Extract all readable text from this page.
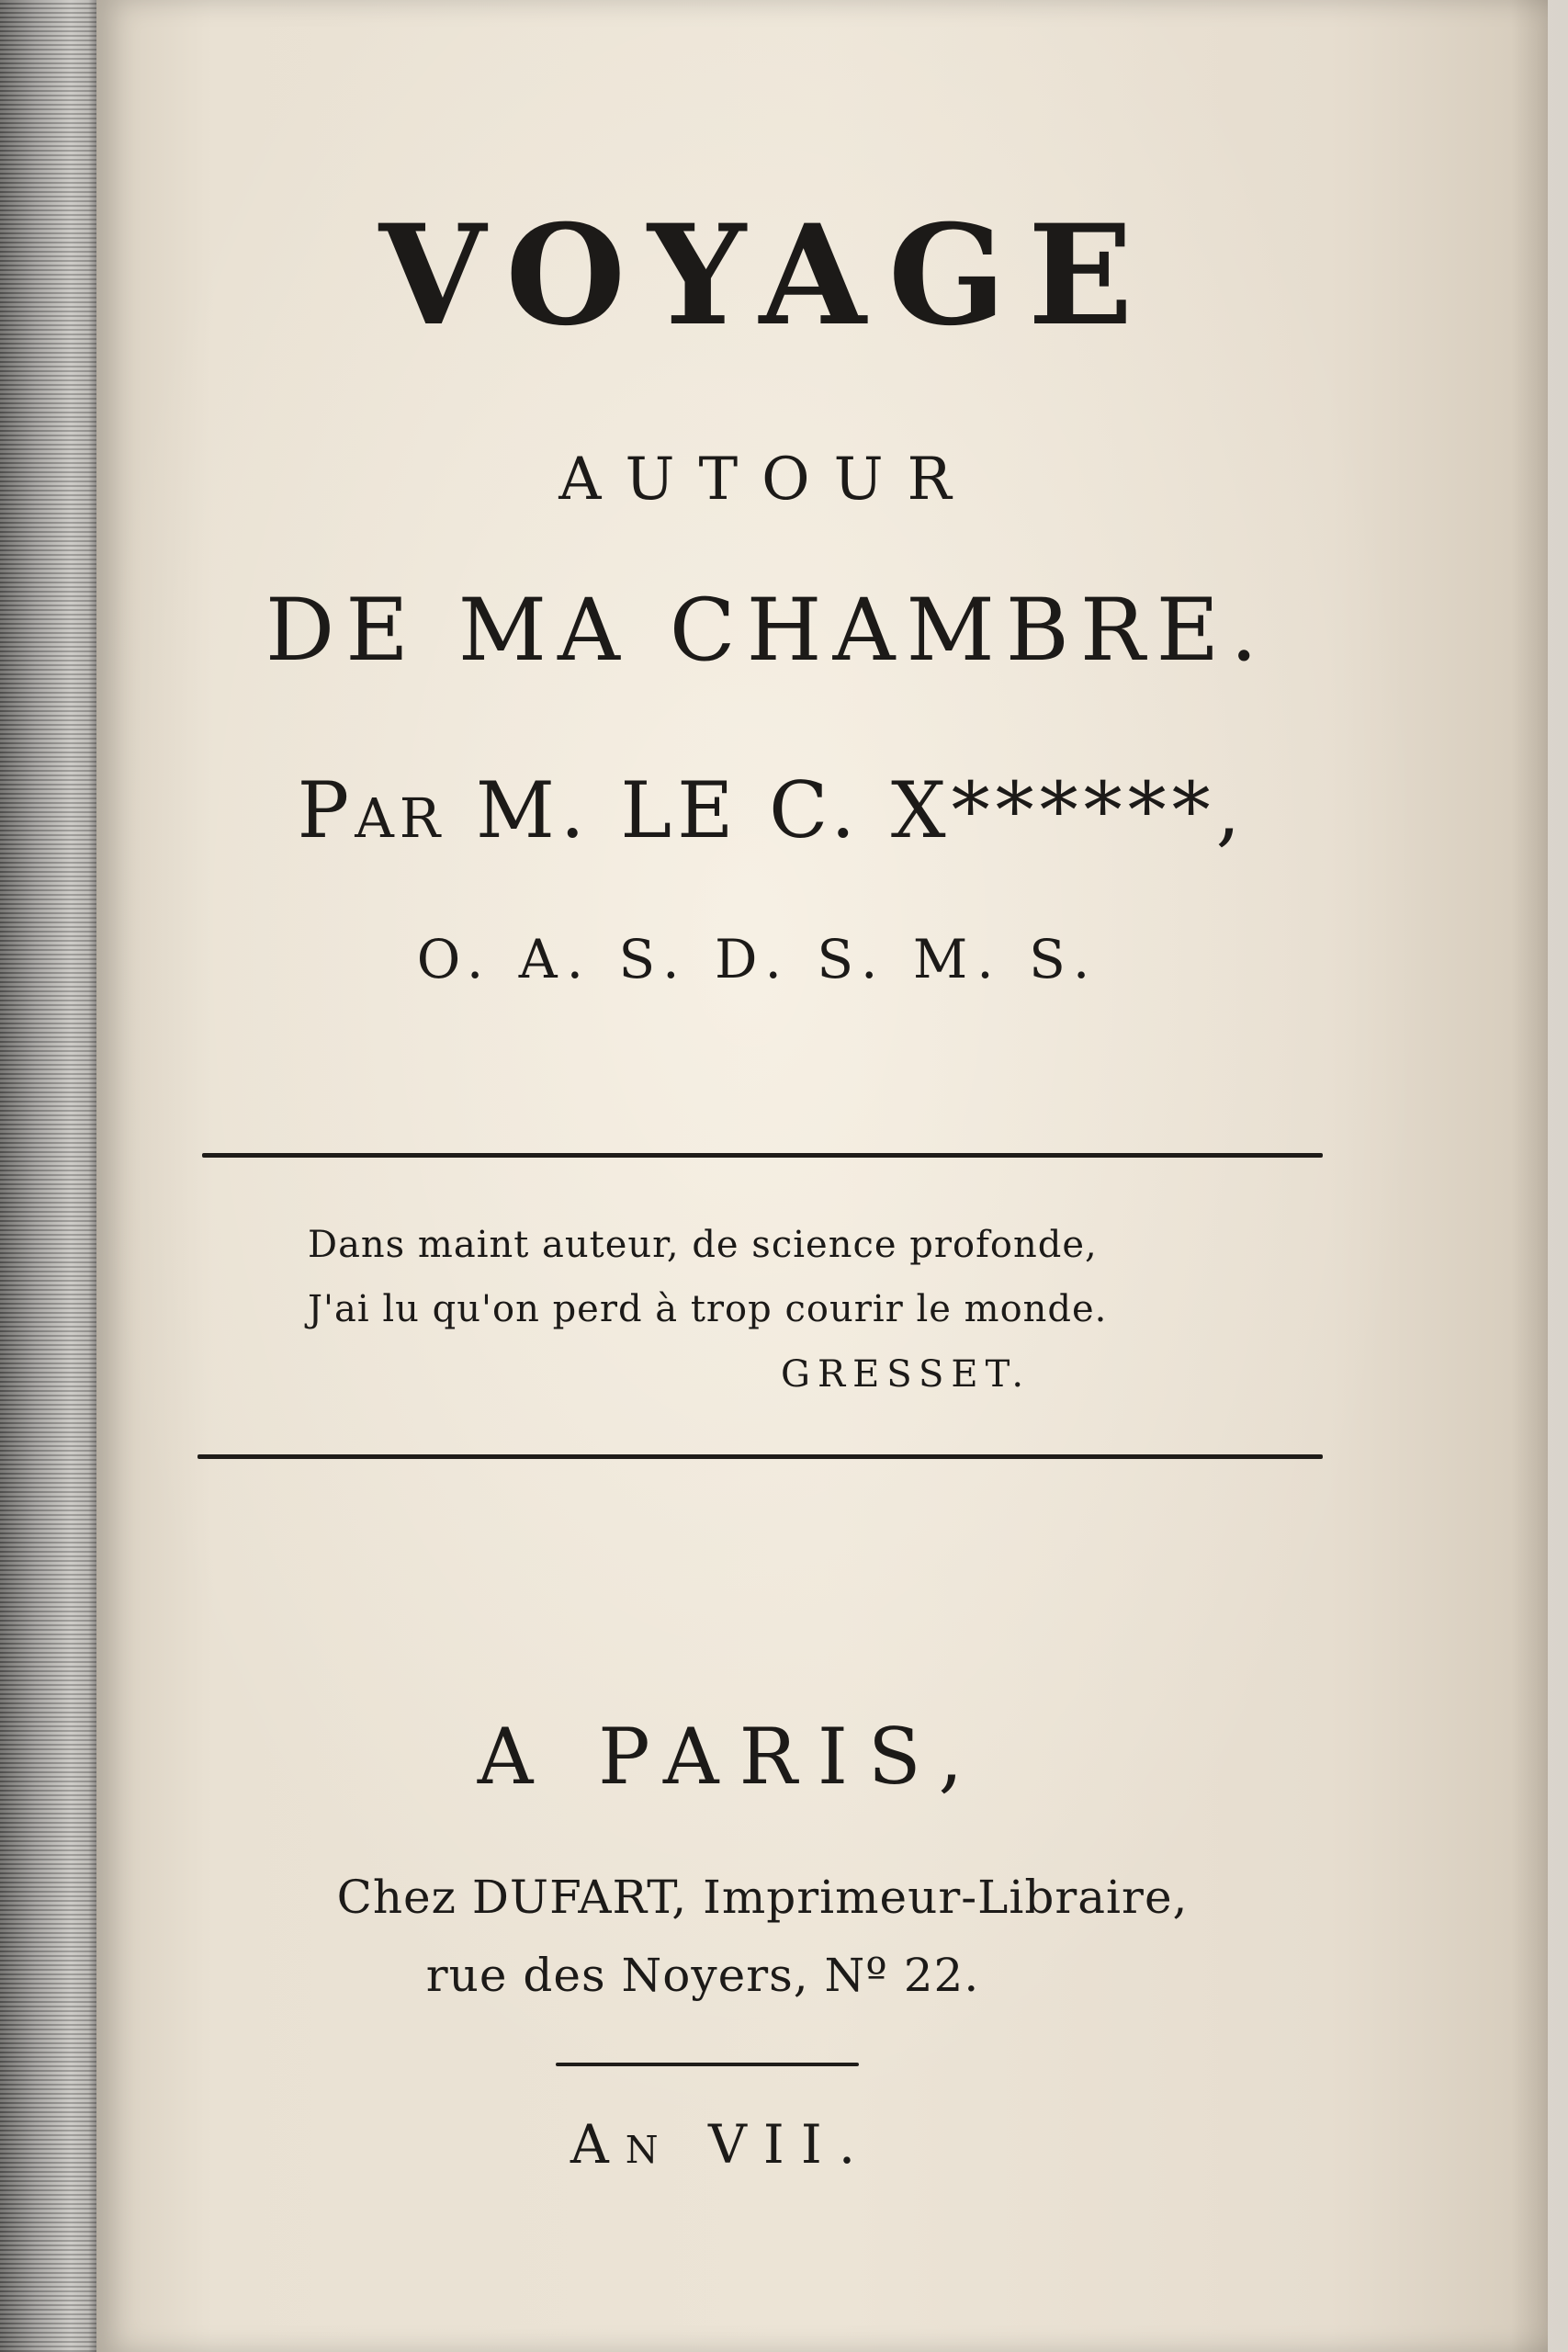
VOYAGE
AUTOUR
DE MA CHAMBRE.
Par M. LE C. X******,
O. A. S. D. S. M. S.
Dans maint auteur, de science profonde,
J'ai lu qu'on perd à trop courir le monde.
GRESSET.
A PARIS,
Chez DUFART, Imprimeur-Libraire,
rue des Noyers, Nº 22.
An VII.
